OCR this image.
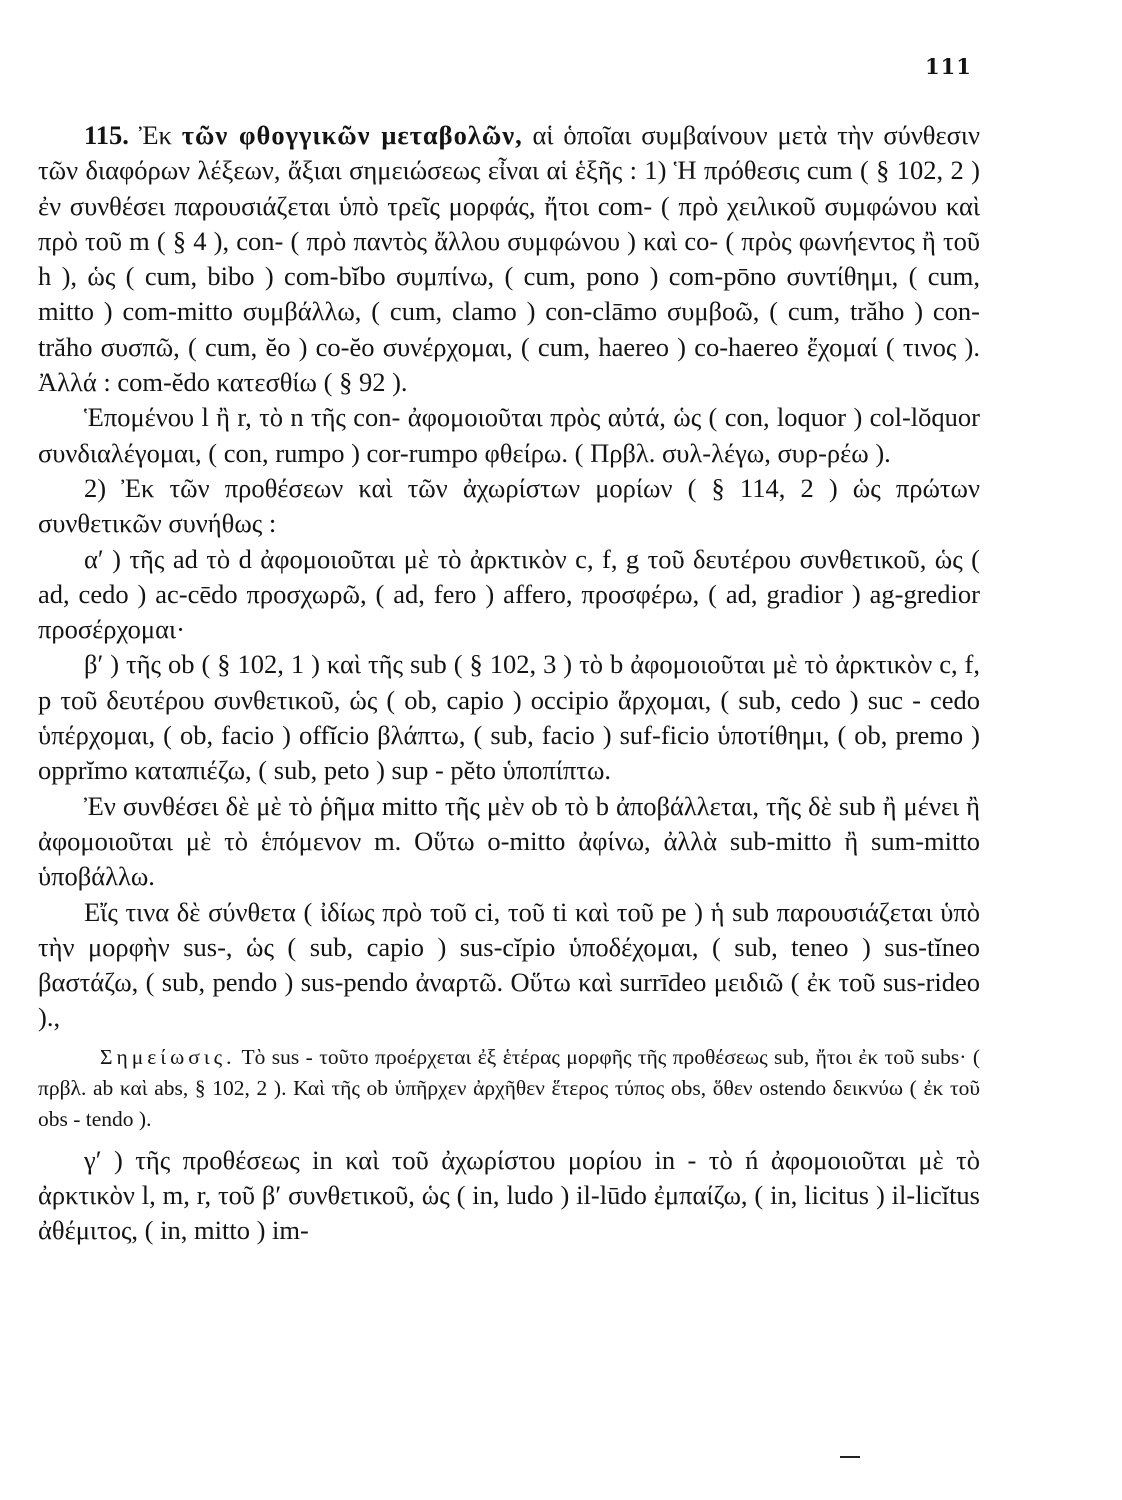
111

115. Ἐκ τῶν φθογγικῶν μεταβολῶν, αἱ ὁποῖαι συμβαίνουν μετὰ τὴν σύνθεσιν τῶν διαφόρων λέξεων, ἄξιαι σημειώσεως εἶναι αἱ ἑξῆς : 1) Ἡ πρόθεσις cum ( § 102, 2 ) ἐν συνθέσει παρουσιάζεται ὑπὸ τρεῖς μορφάς, ἤτοι com- ( πρὸ χειλικοῦ συμφώνου καὶ πρὸ τοῦ m ( § 4 ), con- ( πρὸ παντὸς ἄλλου συμφώνου ) καὶ co- ( πρὸς φωνήεντος ἢ τοῦ h ), ὡς ( cum, bibo ) com-bĭbo συμπίνω, ( cum, pono ) com-pōno συντίθημι, ( cum, mitto ) com-mitto συμβάλλω, ( cum, clamo ) con-clāmo συμβοῶ, ( cum, trăho ) con-trăho συσπῶ, ( cum, ĕo ) co-ĕo συνέρχομαι, ( cum, haereo ) co-haereo ἔχομαί ( τινος ). Ἀλλά : com-ĕdo κατεσθίω ( § 92 ).

Ἑπομένου l ἢ r, τὸ n τῆς con- ἀφομοιοῦται πρὸς αὐτά, ὡς ( con, loquor ) col-lŏquor συνδιαλέγομαι, ( con, rumpo ) cor-rumpo φθείρω. ( Πρβλ. συλ-λέγω, συρ-ρέω ).

2) Ἐκ τῶν προθέσεων καὶ τῶν ἀχωρίστων μορίων ( § 114, 2 ) ὡς πρώτων συνθετικῶν συνήθως :

α′ ) τῆς ad τὸ d ἀφομοιοῦται μὲ τὸ ἀρκτικὸν c, f, g τοῦ δευτέρου συνθετικοῦ, ὡς ( ad, cedo ) ac-cēdo προσχωρῶ, ( ad, fero ) affero, προσφέρω, ( ad, gradior ) ag-gredior προσέρχομαι·

β′ ) τῆς ob ( § 102, 1 ) καὶ τῆς sub ( § 102, 3 ) τὸ b ἀφομοιοῦται μὲ τὸ ἀρκτικὸν c, f, p τοῦ δευτέρου συνθετικοῦ, ὡς ( ob, capio ) occipio ἄρχομαι, ( sub, cedo ) suc - cedo ὑπέρχομαι, ( ob, facio ) offĭcio βλάπτω, ( sub, facio ) suf-ficio ὑποτίθημι, ( ob, premo ) opprĭmo καταπιέζω, ( sub, peto ) sup - pĕto ὑποπίπτω.

Ἐν συνθέσει δὲ μὲ τὸ ῥῆμα mitto τῆς μὲν ob τὸ b ἀποβάλλεται, τῆς δὲ sub ἢ μένει ἢ ἀφομοιοῦται μὲ τὸ ἑπόμενον m. Οὕτω o-mitto ἀφίνω, ἀλλὰ sub-mitto ἢ sum-mitto ὑποβάλλω.

Εἴς τινα δὲ σύνθετα ( ἰδίως πρὸ τοῦ ci, τοῦ ti καὶ τοῦ pe ) ἡ sub παρουσιάζεται ὑπὸ τὴν μορφὴν sus-, ὡς ( sub, capio ) sus-cĭpio ὑποδέχομαι, ( sub, teneo ) sus-tĭneo βαστάζω, ( sub, pendo ) sus-pendo ἀναρτῶ. Οὕτω καὶ surrīdeo μειδιῶ ( ἐκ τοῦ sus-rideo ).,

Σημείωσις. Τὸ sus - τοῦτο προέρχεται ἐξ ἑτέρας μορφῆς τῆς προθέσεως sub, ἤτοι ἐκ τοῦ subs· ( πρβλ. ab καὶ abs, § 102, 2 ). Καὶ τῆς ob ὑπῆρχεν ἀρχῆθεν ἕτερος τύπος obs, ὅθεν ostendo δεικνύω ( ἐκ τοῦ obs - tendo ).

γ′ ) τῆς προθέσεως in καὶ τοῦ ἀχωρίστου μορίου in - τὸ ń ἀφομοιοῦται μὲ τὸ ἀρκτικὸν l, m, r, τοῦ β′ συνθετικοῦ, ὡς ( in, ludo ) il-lūdo ἐμπαίζω, ( in, licitus ) il-licĭtus ἀθέμιτος, ( in, mitto ) im-
